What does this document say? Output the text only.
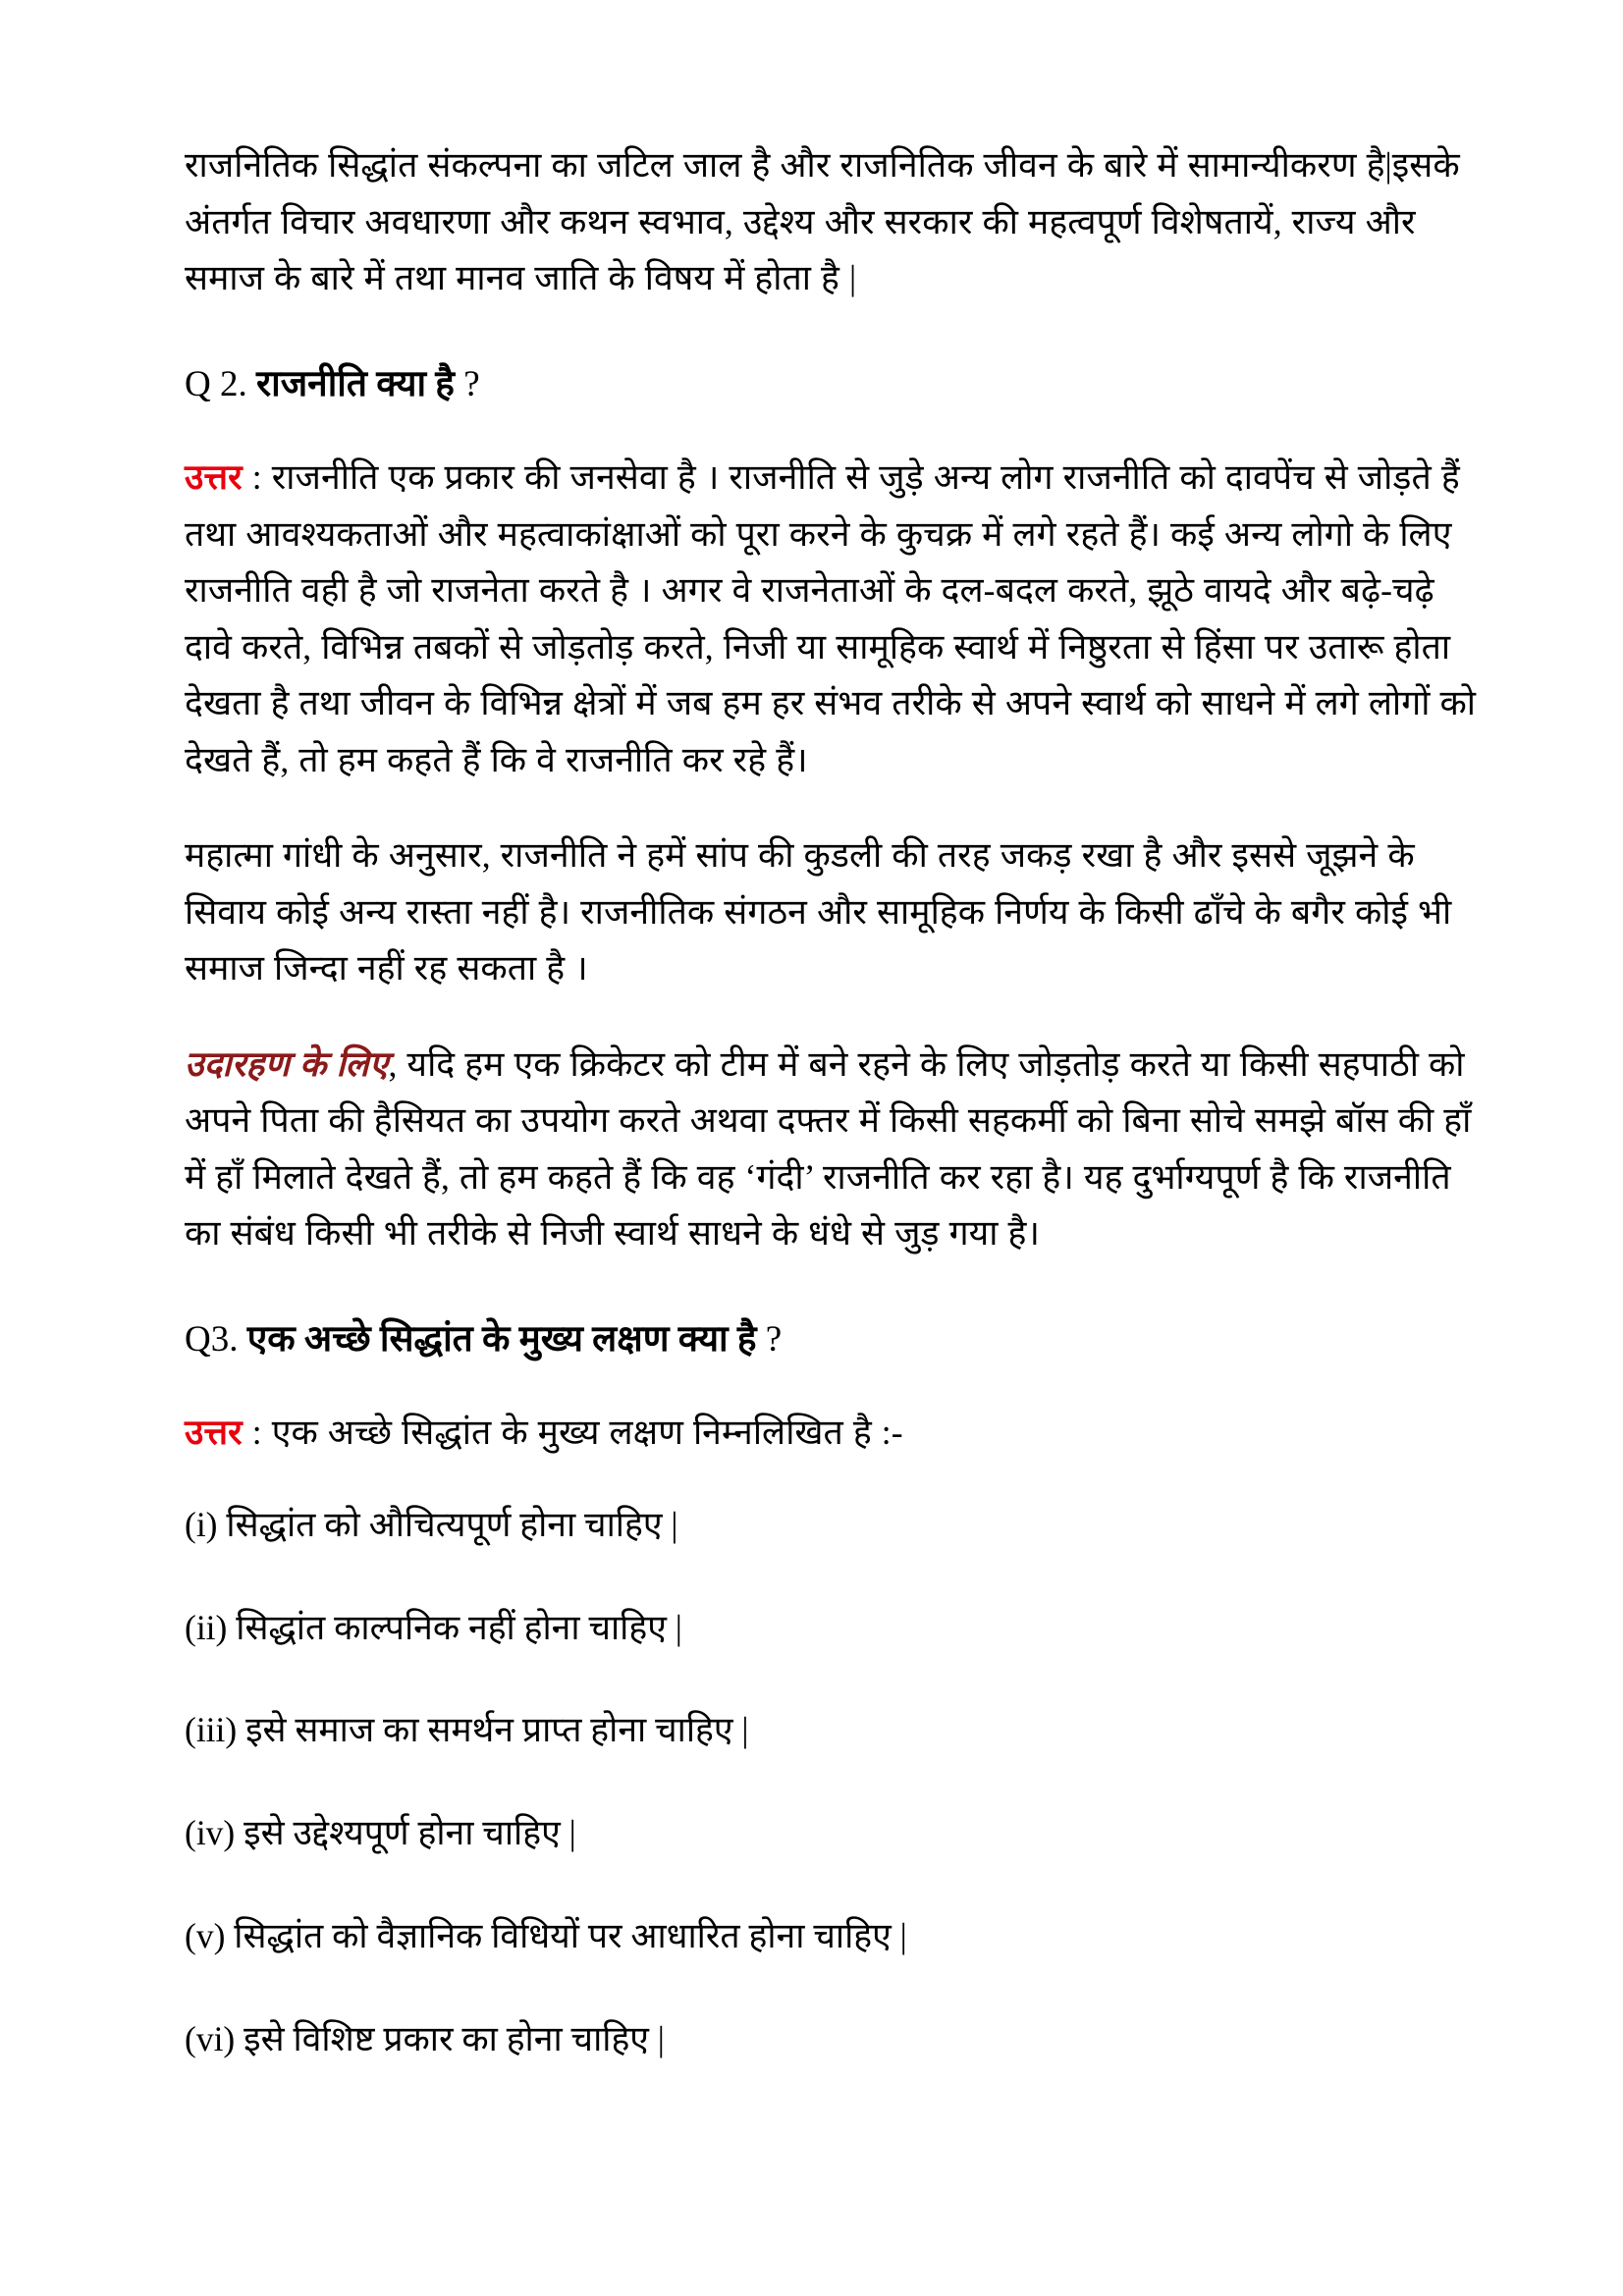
राजनितिक सिद्धांत संकल्पना का जटिल जाल है और राजनितिक जीवन के बारे में सामान्यीकरण है|इसके अंतर्गत विचार अवधारणा और कथन स्वभाव, उद्देश्य और सरकार की महत्वपूर्ण विशेषतायें, राज्य और समाज के बारे में तथा मानव जाति के विषय में होता है |

Q 2. राजनीति क्या है ?

उत्तर : राजनीति एक प्रकार की जनसेवा है । राजनीति से जुड़े अन्य लोग राजनीति को दावपेंच से जोड़ते हैं तथा आवश्यकताओं और महत्वाकांक्षाओं को पूरा करने के कुचक्र में लगे रहते हैं। कई अन्य लोगो के लिए राजनीति वही है जो राजनेता करते है । अगर वे राजनेताओं के दल-बदल करते, झूठे वायदे और बढ़े-चढ़े दावे करते, विभिन्न तबकों से जोड़तोड़ करते, निजी या सामूहिक स्वार्थ में निष्ठुरता से हिंसा पर उतारू होता देखता है तथा जीवन के विभिन्न क्षेत्रों में जब हम हर संभव तरीके से अपने स्वार्थ को साधने में लगे लोगों को देखते हैं, तो हम कहते हैं कि वे राजनीति कर रहे हैं।

महात्मा गांधी के अनुसार, राजनीति ने हमें सांप की कुडली की तरह जकड़ रखा है और इससे जूझने के सिवाय कोई अन्य रास्ता नहीं है। राजनीतिक संगठन और सामूहिक निर्णय के किसी ढाँचे के बगैर कोई भी समाज जिन्दा नहीं रह सकता है ।

उदारहण के लिए, यदि हम एक क्रिकेटर को टीम में बने रहने के लिए जोड़तोड़ करते या किसी सहपाठी को अपने पिता की हैसियत का उपयोग करते अथवा दफ्तर में किसी सहकर्मी को बिना सोचे समझे बॉस की हाँ में हाँ मिलाते देखते हैं, तो हम कहते हैं कि वह ‘गंदी’ राजनीति कर रहा है। यह दुर्भाग्यपूर्ण है कि राजनीति का संबंध किसी भी तरीके से निजी स्वार्थ साधने के धंधे से जुड़ गया है।

Q3. एक अच्छे सिद्धांत के मुख्य लक्षण क्या है ?

उत्तर : एक अच्छे सिद्धांत के मुख्य लक्षण निम्नलिखित है :-

(i) सिद्धांत को औचित्यपूर्ण होना चाहिए |

(ii) सिद्धांत काल्पनिक नहीं होना चाहिए |

(iii) इसे समाज का समर्थन प्राप्त होना चाहिए |

(iv) इसे उद्देश्यपूर्ण होना चाहिए |

(v) सिद्धांत को वैज्ञानिक विधियों पर आधारित होना चाहिए |

(vi) इसे विशिष्ट प्रकार का होना चाहिए |
